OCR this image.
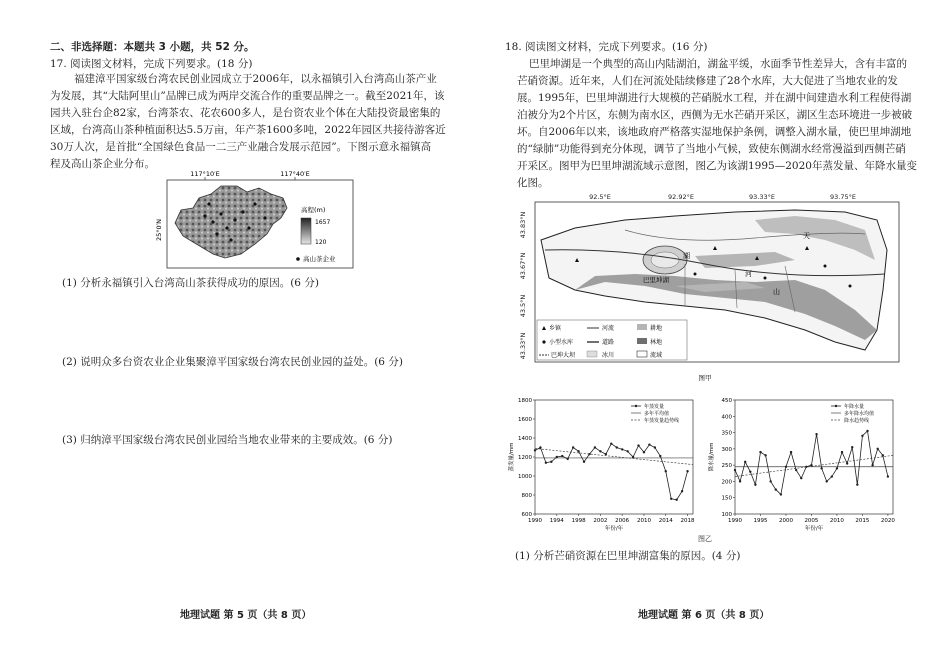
二、非选择题：本题共 3 小题，共 52 分。
17. 阅读图文材料，完成下列要求。(18 分)
福建漳平国家级台湾农民创业园成立于2006年，以永福镇引入台湾高山茶产业
为发展，其“大陆阿里山”品牌已成为两岸交流合作的重要品牌之一。截至2021年，该
园共入驻台企82家，台湾茶农、花农600多人，是台资农业个体在大陆投资最密集的
区域，台湾高山茶种植面积达5.5万亩，年产茶1600多吨，2022年园区共接待游客近
30万人次，是首批“全国绿色食品一二三产业融合发展示范园”。下图示意永福镇高
程及高山茶企业分布。
117°10′E	117°40′E
25°0′N
高程(m)
1657
120
高山茶企业
(1) 分析永福镇引入台湾高山茶获得成功的原因。(6 分)
(2) 说明众多台资农业企业集聚漳平国家级台湾农民创业园的益处。(6 分)
(3) 归纳漳平国家级台湾农民创业园给当地农业带来的主要成效。(6 分)
地理试题 第 5 页（共 8 页）
18. 阅读图文材料，完成下列要求。(16 分)
巴里坤湖是一个典型的高山内陆湖泊，湖盆平缓，水面季节性差异大，含有丰富的
芒硝资源。近年来，人们在河流处陆续修建了28个水库，大大促进了当地农业的发
展。1995年，巴里坤湖进行大规模的芒硝脱水工程，并在湖中间建造水利工程使得湖
泊被分为2个片区，东侧为南水区，西侧为无水芒硝开采区，湖区生态环境进一步被破
坏。自2006年以来，该地政府严格落实湿地保护条例，调整入湖水量，使巴里坤湖地
的“绿肺”功能得到充分体现，调节了当地小气候，致使东侧湖水经常漫溢到西侧芒硝
开采区。图甲为巴里坤湖流域示意图，图乙为该湖1995—2020年蒸发量、年降水量变
化图。
92.5°E	92.92°E	93.33°E	93.75°E
43.83°N
43.67°N
43.5°N
43.33°N
巴里坤湖
湖
天
山
河
乡镇	河流	耕地
小型水库	道路	林地
巴坤大坝	冰川	流域
图甲
600
800
1000
1200
1400
1600
1800
1990 1994 1998 2002 2006 2010 2014 2018
蒸发量/mm
年份/年
年蒸发量
多年平均值
年蒸发量趋势线
100
150
200
250
300
350
400
450
1990 1995 2000 2005 2010 2015 2020
降水量/mm
年份/年
年降水量
多年降水均值
降水趋势线
图乙
(1) 分析芒硝资源在巴里坤湖富集的原因。(4 分)
地理试题 第 6 页（共 8 页）
